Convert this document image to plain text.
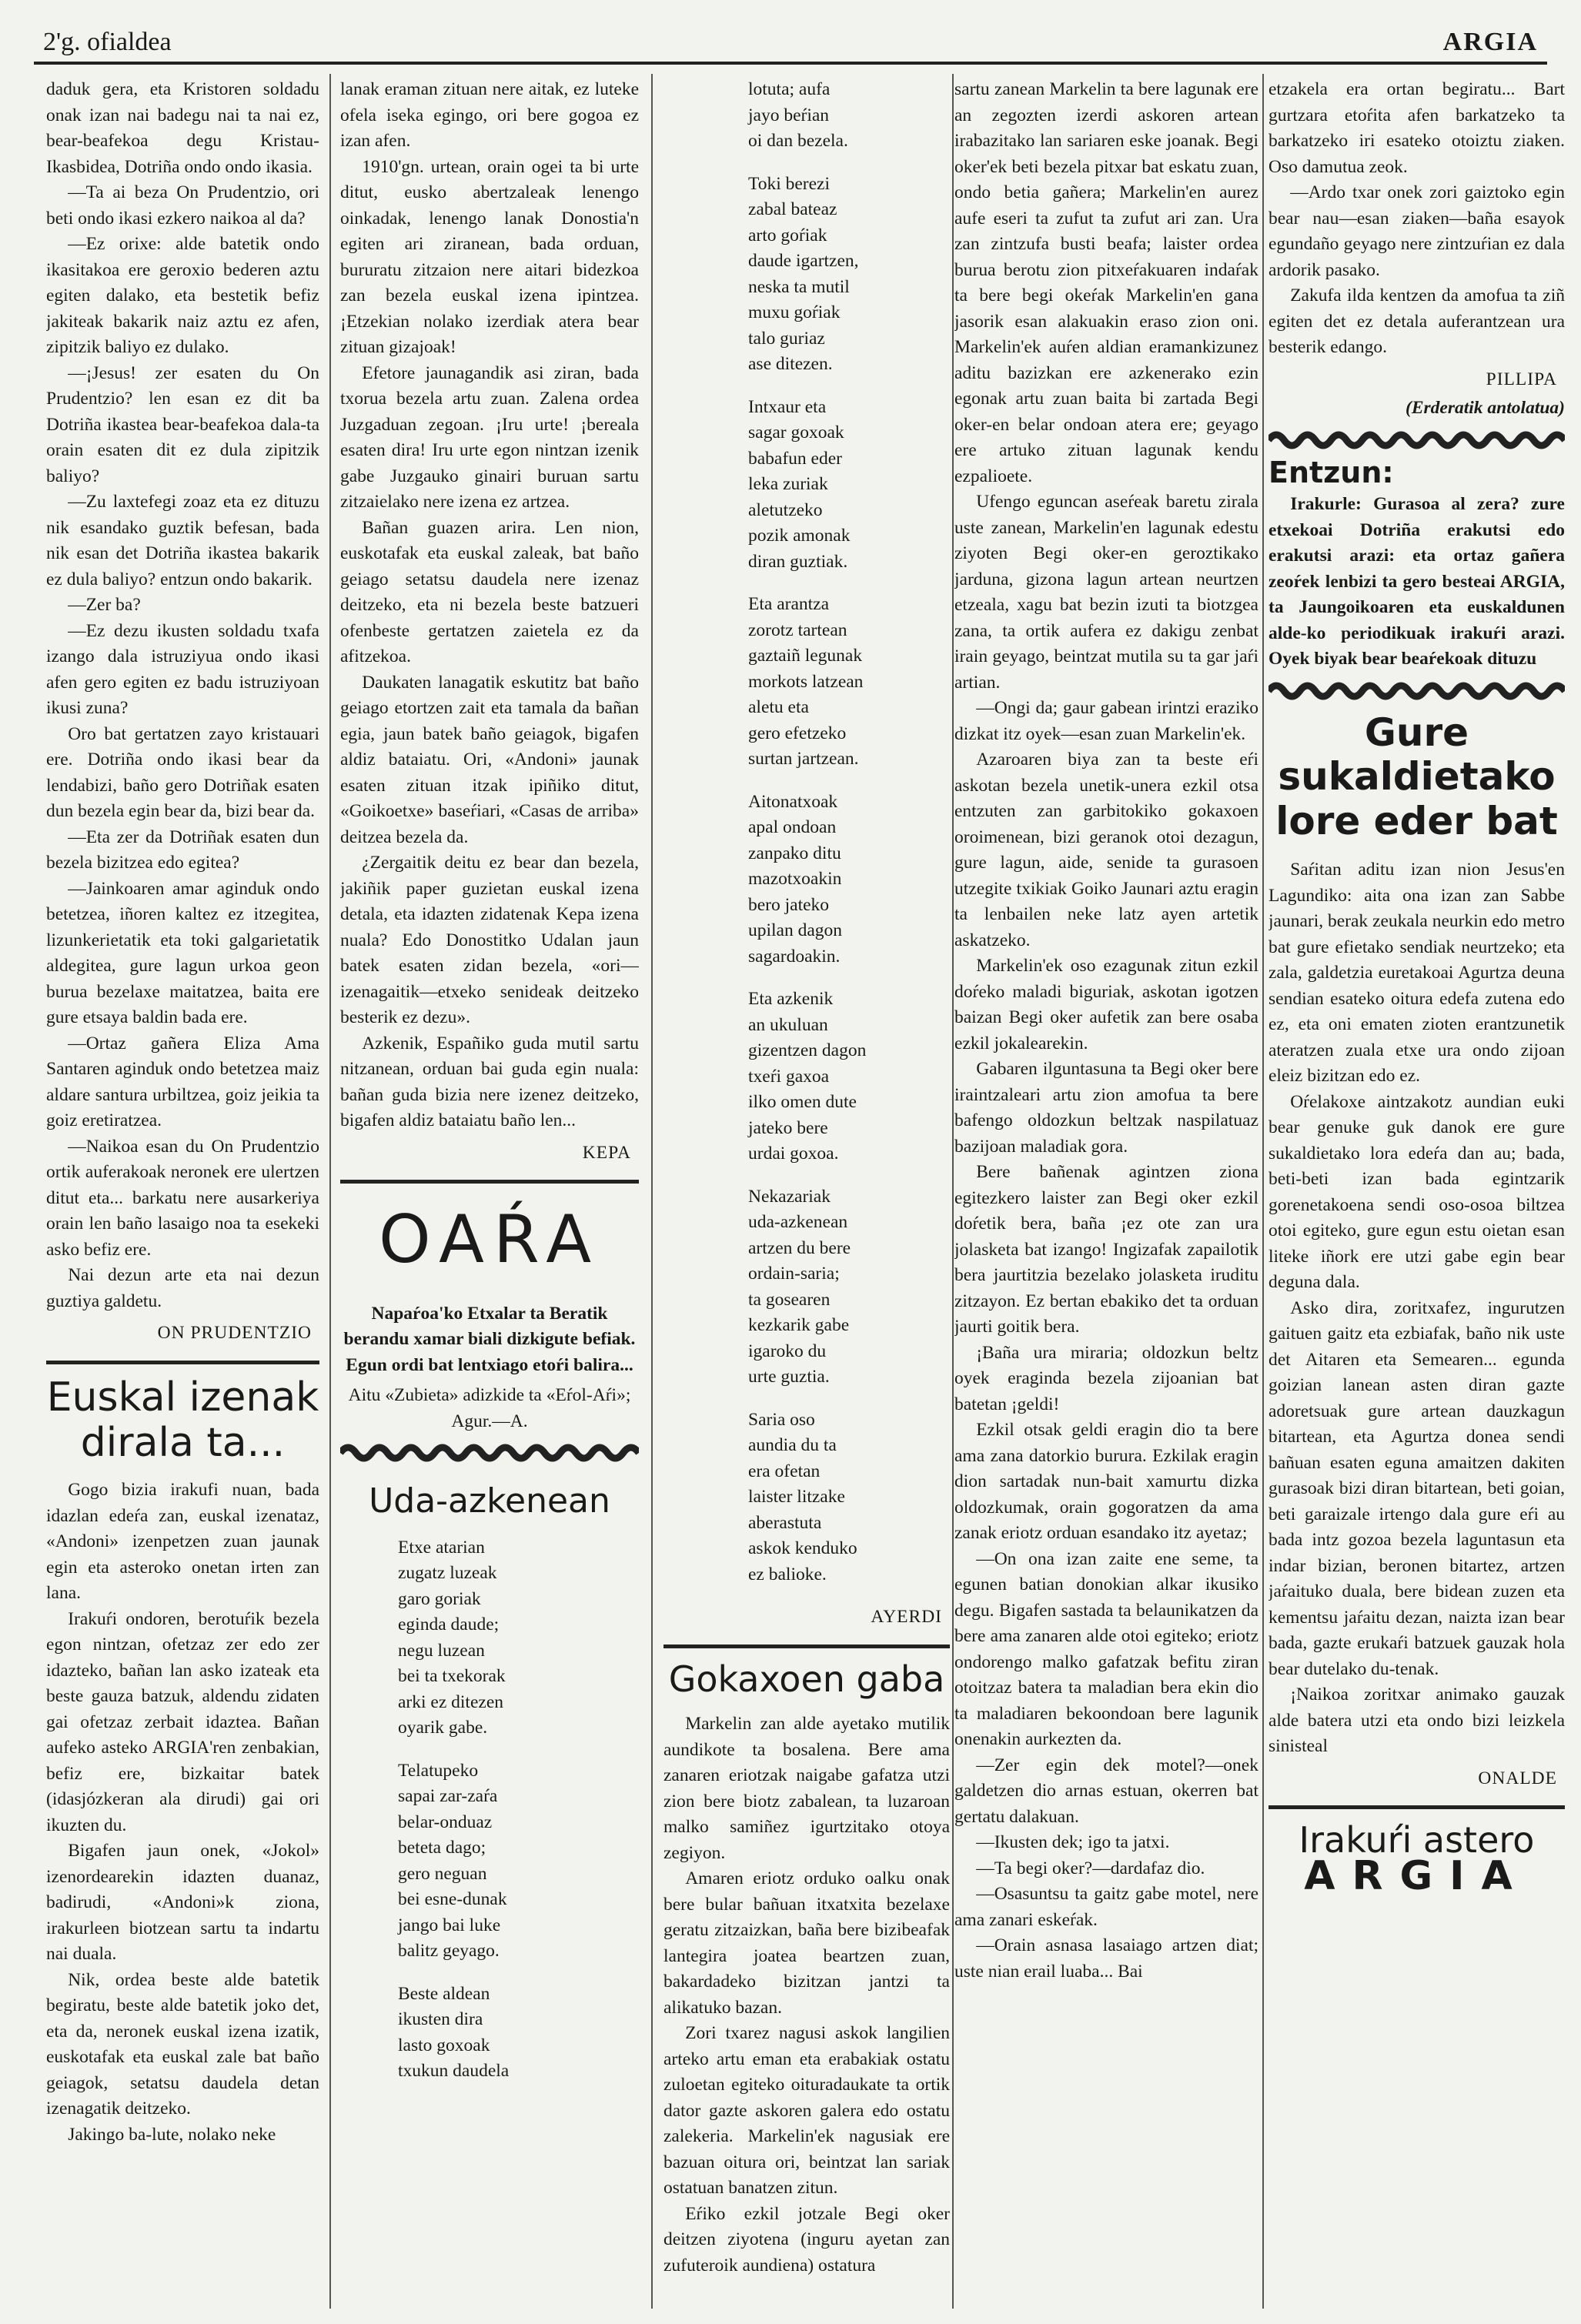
2'g. ofialdea	ARGIA

daduk gera, eta Kristoren soldadu onak izan nai badegu nai ta nai ez, bear-beafekoa degu Kristau-Ikasbidea, Dotriña ondo ondo ikasia.

—Ta ai beza On Prudentzio, ori beti ondo ikasi ezkero naikoa al da?

—Ez orixe: alde batetik ondo ikasitakoa ere geroxio bederen aztu egiten dalako, eta bestetik befiz jakiteak bakarik naiz aztu ez afen, zipitzik baliyo ez dulako.

—¡Jesus! zer esaten du On Prudentzio? len esan ez dit ba Dotriña ikastea bear-beafekoa dala-ta orain esaten dit ez dula zipitzik baliyo?

—Zu laxtefegi zoaz eta ez dituzu nik esandako guztik befesan, bada nik esan det Dotriña ikastea bakarik ez dula baliyo? entzun ondo bakarik.

—Zer ba?

—Ez dezu ikusten soldadu txafa izango dala istruziyua ondo ikasi afen gero egiten ez badu istruziyoan ikusi zuna?

Oro bat gertatzen zayo kristauari ere. Dotriña ondo ikasi bear da lendabizi, baño gero Dotriñak esaten dun bezela egin bear da, bizi bear da.

—Eta zer da Dotriñak esaten dun bezela bizitzea edo egitea?

—Jainkoaren amar aginduk ondo betetzea, iñoren kaltez ez itzegitea, lizunkerietatik eta toki galgarietatik aldegitea, gure lagun urkoa geon burua bezelaxe maitatzea, baita ere gure etsaya baldin bada ere.

—Ortaz gañera Eliza Ama Santaren aginduk ondo betetzea maiz aldare santura urbiltzea, goiz jeikia ta goiz eretiratzea.

—Naikoa esan du On Prudentzio ortik auferakoak neronek ere ulertzen ditut eta... barkatu nere ausarkeriya orain len baño lasaigo noa ta esekeki asko befiz ere.

Nai dezun arte eta nai dezun guztiya galdetu.

ON PRUDENTZIO
Euskal izenak dirala ta...

Gogo bizia irakufi nuan, bada idazlan edeŕa zan, euskal izenataz, «Andoni» izenpetzen zuan jaunak egin eta asteroko onetan irten zan lana.

Irakuŕi ondoren, berotuŕik bezela egon nintzan, ofetzaz zer edo zer idazteko, bañan lan asko izateak eta beste gauza batzuk, aldendu zidaten gai ofetzaz zerbait idaztea. Bañan aufeko asteko ARGIA'ren zenbakian, befiz ere, bizkaitar batek (idasjózkeran ala dirudi) gai ori ikuzten du.

Bigafen jaun onek, «Jokol» izenordearekin idazten duanaz, badirudi, «Andoni»k ziona, irakurleen biotzean sartu ta indartu nai duala.

Nik, ordea beste alde batetik begiratu, beste alde batetik joko det, eta da, neronek euskal izena izatik, euskotafak eta euskal zale bat baño geiagok, setatsu daudela detan izenagatik deitzeko.

Jakingo ba-lute, nolako neke

lanak eraman zituan nere aitak, ez luteke ofela iseka egingo, ori bere gogoa ez izan afen.

1910'gn. urtean, orain ogei ta bi urte ditut, eusko abertzaleak lenengo oinkadak, lenengo lanak Donostia'n egiten ari ziranean, bada orduan, bururatu zitzaion nere aitari bidezkoa zan bezela euskal izena ipintzea. ¡Etzekian nolako izerdiak atera bear zituan gizajoak!

Efetore jaunagandik asi ziran, bada txorua bezela artu zuan. Zalena ordea Juzgaduan zegoan. ¡Iru urte! ¡bereala esaten dira! Iru urte egon nintzan izenik gabe Juzgauko ginairi buruan sartu zitzaielako nere izena ez artzea.

Bañan guazen arira. Len nion, euskotafak eta euskal zaleak, bat baño geiago setatsu daudela nere izenaz deitzeko, eta ni bezela beste batzueri ofenbeste gertatzen zaietela ez da afitzekoa.

Daukaten lanagatik eskutitz bat baño geiago etortzen zait eta tamala da bañan egia, jaun batek baño geiagok, bigafen aldiz bataiatu. Ori, «Andoni» jaunak esaten zituan itzak ipiñiko ditut, «Goikoetxe» baseŕiari, «Casas de arriba» deitzea bezela da.

¿Zergaitik deitu ez bear dan bezela, jakiñik paper guzietan euskal izena detala, eta idazten zidatenak Kepa izena nuala? Edo Donostitko Udalan jaun batek esaten zidan bezela, «ori—izenagaitik—etxeko senideak deitzeko besterik ez dezu».

Azkenik, Españiko guda mutil sartu nitzanean, orduan bai guda egin nuala: bañan guda bizia nere izenez deitzeko, bigafen aldiz bataiatu baño len...

KEPA
OAŔA

Napaŕoa'ko Etxalar ta Beratik berandu xamar biali dizkigute befiak. Egun ordi bat lentxiago etoŕi balira...

Aitu «Zubieta» adizkide ta «Eŕol-Aŕi»; Agur.—A.

Uda-azkenean
Etxe atarian
zugatz luzeak
garo goriak
eginda daude;
negu luzean
bei ta txekorak
arki ez ditezen
oyarik gabe.
Telatupeko
sapai zar-zaŕa
belar-onduaz
beteta dago;
gero neguan
bei esne-dunak
jango bai luke
balitz geyago.
Beste aldean
ikusten dira
lasto goxoak
txukun daudela
lotuta; aufa
jayo beŕian
oi dan bezela.
Toki berezi
zabal bateaz
arto goŕiak
daude igartzen,
neska ta mutil
muxu goŕiak
talo guriaz
ase ditezen.
Intxaur eta
sagar goxoak
babafun eder
leka zuriak
aletutzeko
pozik amonak
diran guztiak.
Eta arantza
zorotz tartean
gaztaiñ legunak
morkots latzean
aletu eta
gero efetzeko
surtan jartzean.
Aitonatxoak
apal ondoan
zanpako ditu
mazotxoakin
bero jateko
upilan dagon
sagardoakin.
Eta azkenik
an ukuluan
gizentzen dagon
txeŕi gaxoa
ilko omen dute
jateko bere
urdai goxoa.
Nekazariak
uda-azkenean
artzen du bere
ordain-saria;
ta gosearen
kezkarik gabe
igaroko du
urte guztia.
Saria oso
aundia du ta
era ofetan
laister litzake
aberastuta
askok kenduko
ez balioke.
AYERDI
Gokaxoen gaba

Markelin zan alde ayetako mutilik aundikote ta bosalena. Bere ama zanaren eriotzak naigabe gafatza utzi zion bere biotz zabalean, ta luzaroan malko samiñez igurtzitako otoya zegiyon.

Amaren eriotz orduko oalku onak bere bular bañuan itxatxita bezelaxe geratu zitzaizkan, baña bere bizibeafak lantegira joatea beartzen zuan, bakardadeko bizitzan jantzi ta alikatuko bazan.

Zori txarez nagusi askok langilien arteko artu eman eta erabakiak ostatu zuloetan egiteko oituradaukate ta ortik dator gazte askoren galera edo ostatu zalekeria. Markelin'ek nagusiak ere bazuan oitura ori, beintzat lan sariak ostatuan banatzen zitun.

Eŕiko ezkil jotzale Begi oker deitzen ziyotena (inguru ayetan zan zufuteroik aundiena) ostatura

sartu zanean Markelin ta bere lagunak ere an zegozten izerdi askoren artean irabazitako lan sariaren eske joanak. Begi oker'ek beti bezela pitxar bat eskatu zuan, ondo betia gañera; Markelin'en aurez aufe eseri ta zufut ta zufut ari zan. Ura zan zintzufa busti beafa; laister ordea burua berotu zion pitxeŕakuaren indaŕak ta bere begi okeŕak Markelin'en gana jasorik esan alakuakin eraso zion oni. Markelin'ek auŕen aldian eramankizunez aditu bazizkan ere azkenerako ezin egonak artu zuan baita bi zartada Begi oker-en belar ondoan atera ere; geyago ere artuko zituan lagunak kendu ezpalioete.

Ufengo eguncan aseŕeak baretu zirala uste zanean, Markelin'en lagunak edestu ziyoten Begi oker-en geroztikako jarduna, gizona lagun artean neurtzen etzeala, xagu bat bezin izuti ta biotzgea zana, ta ortik aufera ez dakigu zenbat irain geyago, beintzat mutila su ta gar jaŕi artian.

—Ongi da; gaur gabean irintzi eraziko dizkat itz oyek—esan zuan Markelin'ek.

Azaroaren biya zan ta beste eŕi askotan bezela unetik-unera ezkil otsa entzuten zan garbitokiko gokaxoen oroimenean, bizi geranok otoi dezagun, gure lagun, aide, senide ta gurasoen utzegite txikiak Goiko Jaunari aztu eragin ta lenbailen neke latz ayen artetik askatzeko.

Markelin'ek oso ezagunak zitun ezkil doŕeko maladi biguriak, askotan igotzen baizan Begi oker aufetik zan bere osaba ezkil jokalearekin.

Gabaren ilguntasuna ta Begi oker bere iraintzaleari artu zion amofua ta bere bafengo oldozkun beltzak naspilatuaz bazijoan maladiak gora.

Bere bañenak agintzen ziona egitezkero laister zan Begi oker ezkil doŕetik bera, baña ¡ez ote zan ura jolasketa bat izango! Ingizafak zapailotik bera jaurtitzia bezelako jolasketa iruditu zitzayon. Ez bertan ebakiko det ta orduan jaurti goitik bera.

¡Baña ura miraria; oldozkun beltz oyek eraginda bezela zijoanian bat batetan ¡geldi!

Ezkil otsak geldi eragin dio ta bere ama zana datorkio burura. Ezkilak eragin dion sartadak nun-bait xamurtu dizka oldozkumak, orain gogoratzen da ama zanak eriotz orduan esandako itz ayetaz;

—On ona izan zaite ene seme, ta egunen batian donokian alkar ikusiko degu. Bigafen sastada ta belaunikatzen da bere ama zanaren alde otoi egiteko; eriotz ondorengo malko gafatzak befitu ziran otoitzaz batera ta maladian bera ekin dio ta maladiaren bekoondoan bere lagunik onenakin aurkezten da.

—Zer egin dek motel?—onek galdetzen dio arnas estuan, okerren bat gertatu dalakuan.

—Ikusten dek; igo ta jatxi.

—Ta begi oker?—dardafaz dio.

—Osasuntsu ta gaitz gabe motel, nere ama zanari eskeŕak.

—Orain asnasa lasaiago artzen diat; uste nian erail luaba... Bai

etzakela era ortan begiratu... Bart gurtzara etoŕita afen barkatzeko ta barkatzeko iri esateko otoiztu ziaken. Oso damutua zeok.

—Ardo txar onek zori gaiztoko egin bear nau—esan ziaken—baña esayok egundaño geyago nere zintzuŕian ez dala ardorik pasako.

Zakufa ilda kentzen da amofua ta ziñ egiten det ez detala auferantzean ura besterik edango.

PILLIPA
(Erderatik antolatua)
Entzun:

Irakurle: Gurasoa al zera? zure etxekoai Dotriña erakutsi edo erakutsi arazi: eta ortaz gañera zeoŕek lenbizi ta gero besteai ARGIA, ta Jaungoikoaren eta euskaldunen alde-ko periodikuak irakuŕi arazi. Oyek biyak bear beaŕekoak dituzu

Gure sukaldietako lore eder bat

Saŕitan aditu izan nion Jesus'en Lagundiko: aita ona izan zan Sabbe jaunari, berak zeukala neurkin edo metro bat gure efietako sendiak neurtzeko; eta zala, galdetzia euretakoai Agurtza deuna sendian esateko oitura edefa zutena edo ez, eta oni ematen zioten erantzunetik ateratzen zuala etxe ura ondo zijoan eleiz bizitzan edo ez.

Oŕelakoxe aintzakotz aundian euki bear genuke guk danok ere gure sukaldietako lora edeŕa dan au; bada, beti-beti izan bada egintzarik gorenetakoena sendi oso-osoa biltzea otoi egiteko, gure egun estu oietan esan liteke iñork ere utzi gabe egin bear deguna dala.

Asko dira, zoritxafez, ingurutzen gaituen gaitz eta ezbiafak, baño nik uste det Aitaren eta Semearen... egunda goizian lanean asten diran gazte adoretsuak gure artean dauzkagun bitartean, eta Agurtza donea sendi bañuan esaten eguna amaitzen dakiten gurasoak bizi diran bitartean, beti goian, beti garaizale irtengo dala gure eŕi au bada intz gozoa bezela laguntasun eta indar bizian, beronen bitartez, artzen jaŕaituko duala, bere bidean zuzen eta kementsu jaŕaitu dezan, naizta izan bear bada, gazte erukaŕi batzuek gauzak hola bear dutelako du-tenak.

¡Naikoa zoritxar animako gauzak alde batera utzi eta ondo bizi leizkela sinisteal

ONALDE
Irakuŕi astero
ARGIA
